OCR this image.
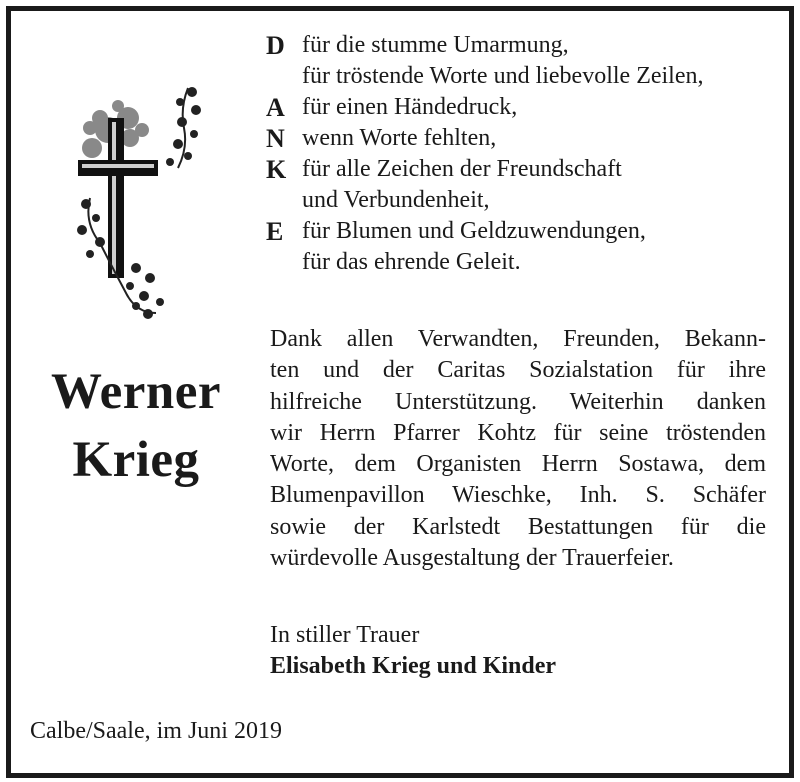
Werner
Krieg
D für die stumme Umarmung,
für tröstende Worte und liebevolle Zeilen,
A für einen Händedruck,
N wenn Worte fehlten,
K für alle Zeichen der Freundschaft
und Verbundenheit,
E für Blumen und Geldzuwendungen,
für das ehrende Geleit.
Dank allen Verwandten, Freunden, Bekann-
ten und der Caritas Sozialstation für ihre
hilfreiche Unterstützung. Weiterhin danken
wir Herrn Pfarrer Kohtz für seine tröstenden
Worte, dem Organisten Herrn Sostawa, dem
Blumenpavillon Wieschke, Inh. S. Schäfer
sowie der Karlstedt Bestattungen für die
würdevolle Ausgestaltung der Trauerfeier.
In stiller Trauer
Elisabeth Krieg und Kinder
Calbe/Saale, im Juni 2019
